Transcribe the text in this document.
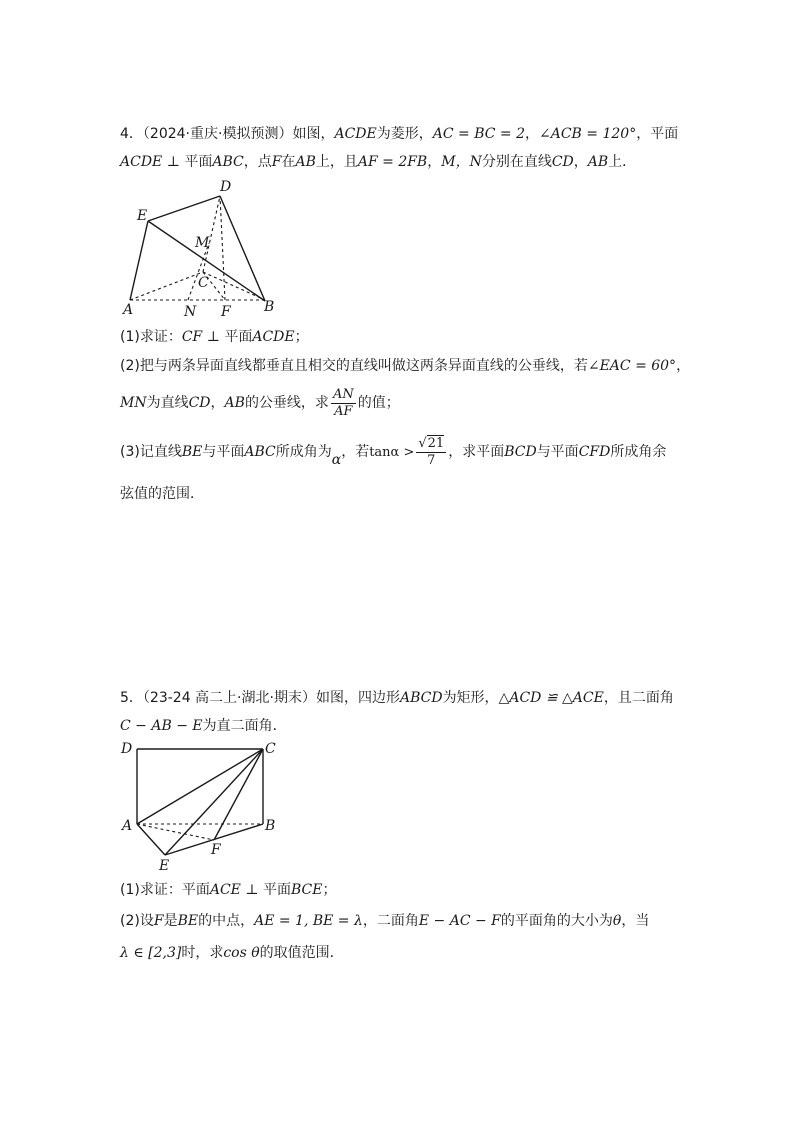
4．（2024·重庆·模拟预测）如图，ACDE为菱形，AC = BC = 2，∠ACB = 120°，平面
ACDE ⊥ 平面ABC，点F在AB上，且AF = 2FB，M，N分别在直线CD，AB上．
D
E
M
C
A	N F B
(1)求证：CF ⊥ 平面ACDE；
(2)把与两条异面直线都垂直且相交的直线叫做这两条异面直线的公垂线，若∠EAC = 60°，
MN为直线CD，AB的公垂线，求 $\frac{AN}{AF}$ 的值；
(3)记直线BE与平面ABC所成角为α，若$\tan\alpha > \frac{√21}{7}$ ，求平面BCD与平面CFD所成角余
弦值的范围．
5．（23-24 高二上·湖北·期末）如图，四边形ABCD为矩形，△ACD ≌ △ACE，且二面角
C − AB − E为直二面角．
D	C
A	B
F
E
(1)求证：平面ACE ⊥ 平面BCE；
(2)设F是BE的中点，AE = 1, BE = λ，二面角E − AC − F的平面角的大小为θ，当
λ ∈ [2,3]时，求cos θ的取值范围．
